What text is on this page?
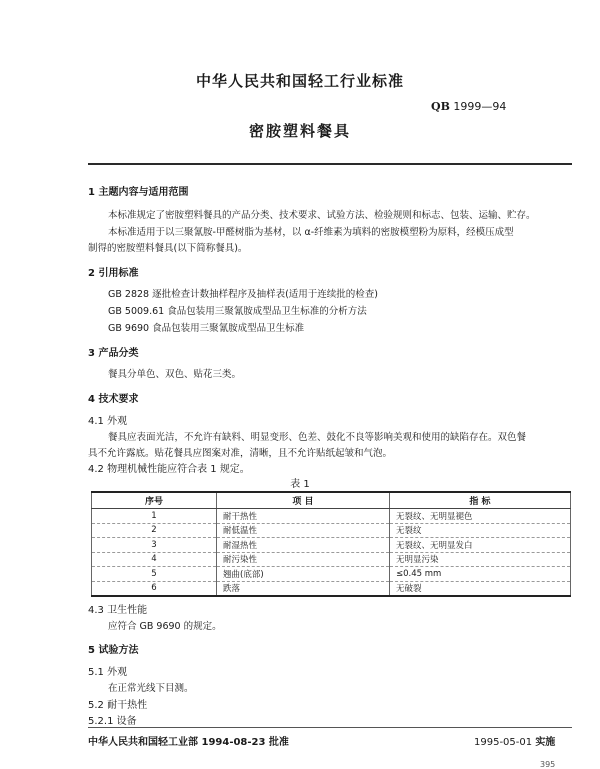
中华人民共和国轻工行业标准
QB 1999—94
密胺塑料餐具
1 主题内容与适用范围
本标准规定了密胺塑料餐具的产品分类、技术要求、试验方法、检验规则和标志、包装、运输、贮存。
本标准适用于以三聚氰胺-甲醛树脂为基材，以 α-纤维素为填料的密胺模塑粉为原料，经模压成型
制得的密胺塑料餐具(以下简称餐具)。
2 引用标准
GB 2828 逐批检查计数抽样程序及抽样表(适用于连续批的检查)
GB 5009.61 食品包装用三聚氰胺成型品卫生标准的分析方法
GB 9690 食品包装用三聚氰胺成型品卫生标准
3 产品分类
餐具分单色、双色、贴花三类。
4 技术要求
4.1 外观
餐具应表面光洁，不允许有缺料、明显变形、色差、鼓化不良等影响美观和使用的缺陷存在。双色餐
具不允许露底。贴花餐具应图案对准，清晰，且不允许贴纸起皱和气泡。
4.2 物理机械性能应符合表 1 规定。
表 1
序号	项 目	指 标
1	耐干热性	无裂纹、无明显褪色
2	耐低温性	无裂纹
3	耐湿热性	无裂纹、无明显发白
4	耐污染性	无明显污染
5	翘曲(底部)	≤0.45 mm
6	跌落	无破裂
4.3 卫生性能
应符合 GB 9690 的规定。
5 试验方法
5.1 外观
在正常光线下目测。
5.2 耐干热性
5.2.1 设备
中华人民共和国轻工业部 1994-08-23 批准	1995-05-01 实施
395
